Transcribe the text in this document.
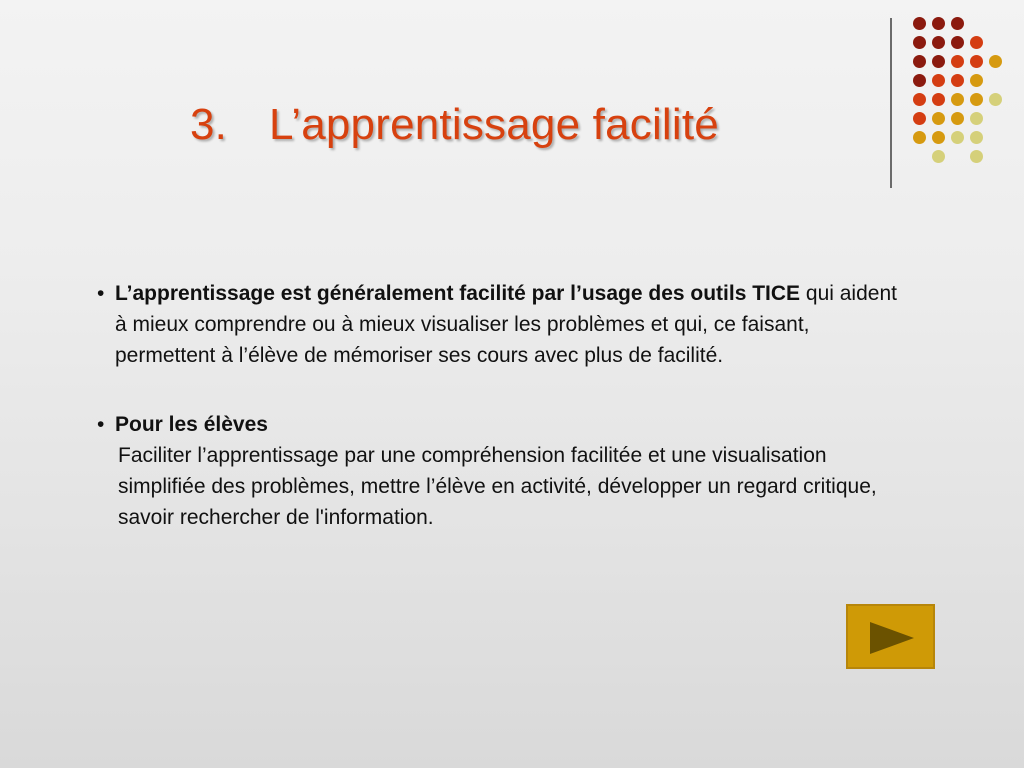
3. L’apprentissage facilité
• L’apprentissage est généralement facilité par l’usage des outils TICE qui aident à mieux comprendre ou à mieux visualiser les problèmes et qui, ce faisant, permettent à l’élève de mémoriser ses cours avec plus de facilité.
• Pour les élèves
Faciliter l’apprentissage par une compréhension facilitée et une visualisation simplifiée des problèmes, mettre l’élève en activité, développer un regard critique, savoir rechercher de l'information.
